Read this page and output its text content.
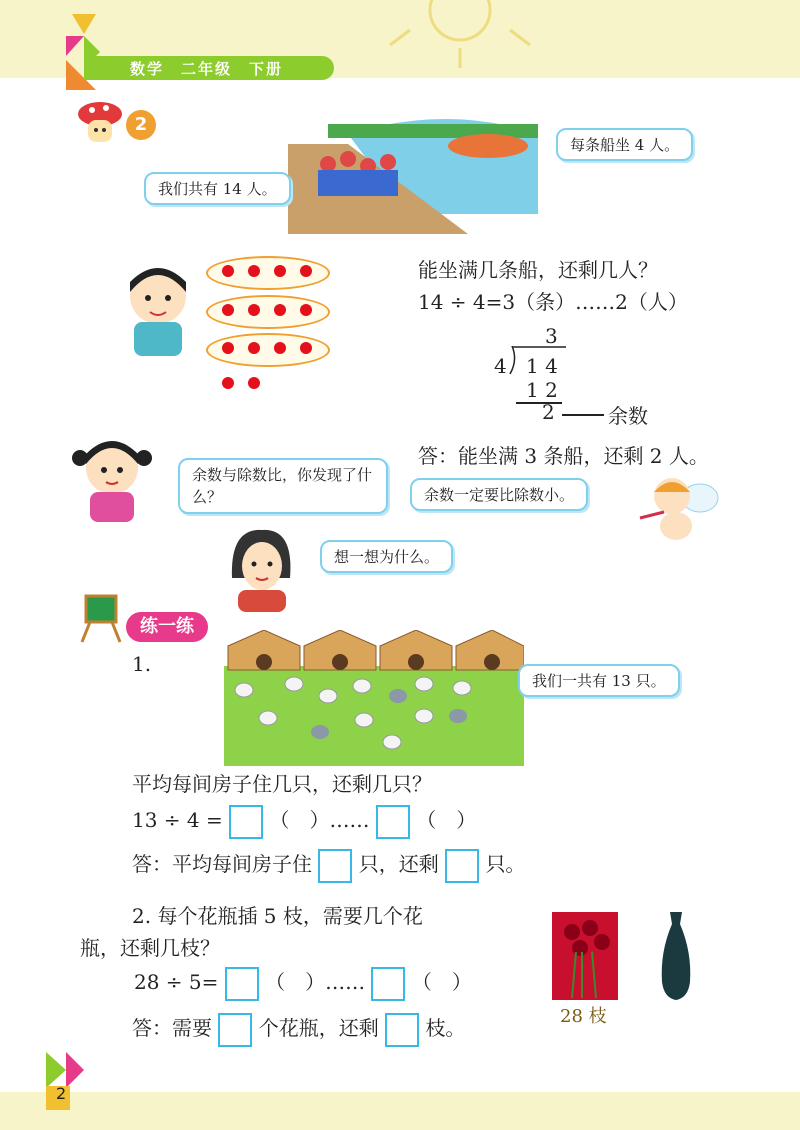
数学　二年级　下册
2
我们共有 14 人。
每条船坐 4 人。
能坐满几条船，还剩几人？
14 ÷ 4=3（条）……2（人）
3
4 1 4
1 2
2	余数
答：能坐满 3 条船，还剩 2 人。
余数与除数比，你发现了什么？	余数一定要比除数小。
想一想为什么。
练一练
1.
我们一共有 13 只。
平均每间房子住几只，还剩几只？
13 ÷ 4 = （　）…… （　）
答：平均每间房子住 只，还剩 只。
2. 每个花瓶插 5 枝，需要几个花
瓶，还剩几枝？
28 ÷ 5= （　）…… （　）
答：需要 个花瓶，还剩 枝。	28 枝
2
